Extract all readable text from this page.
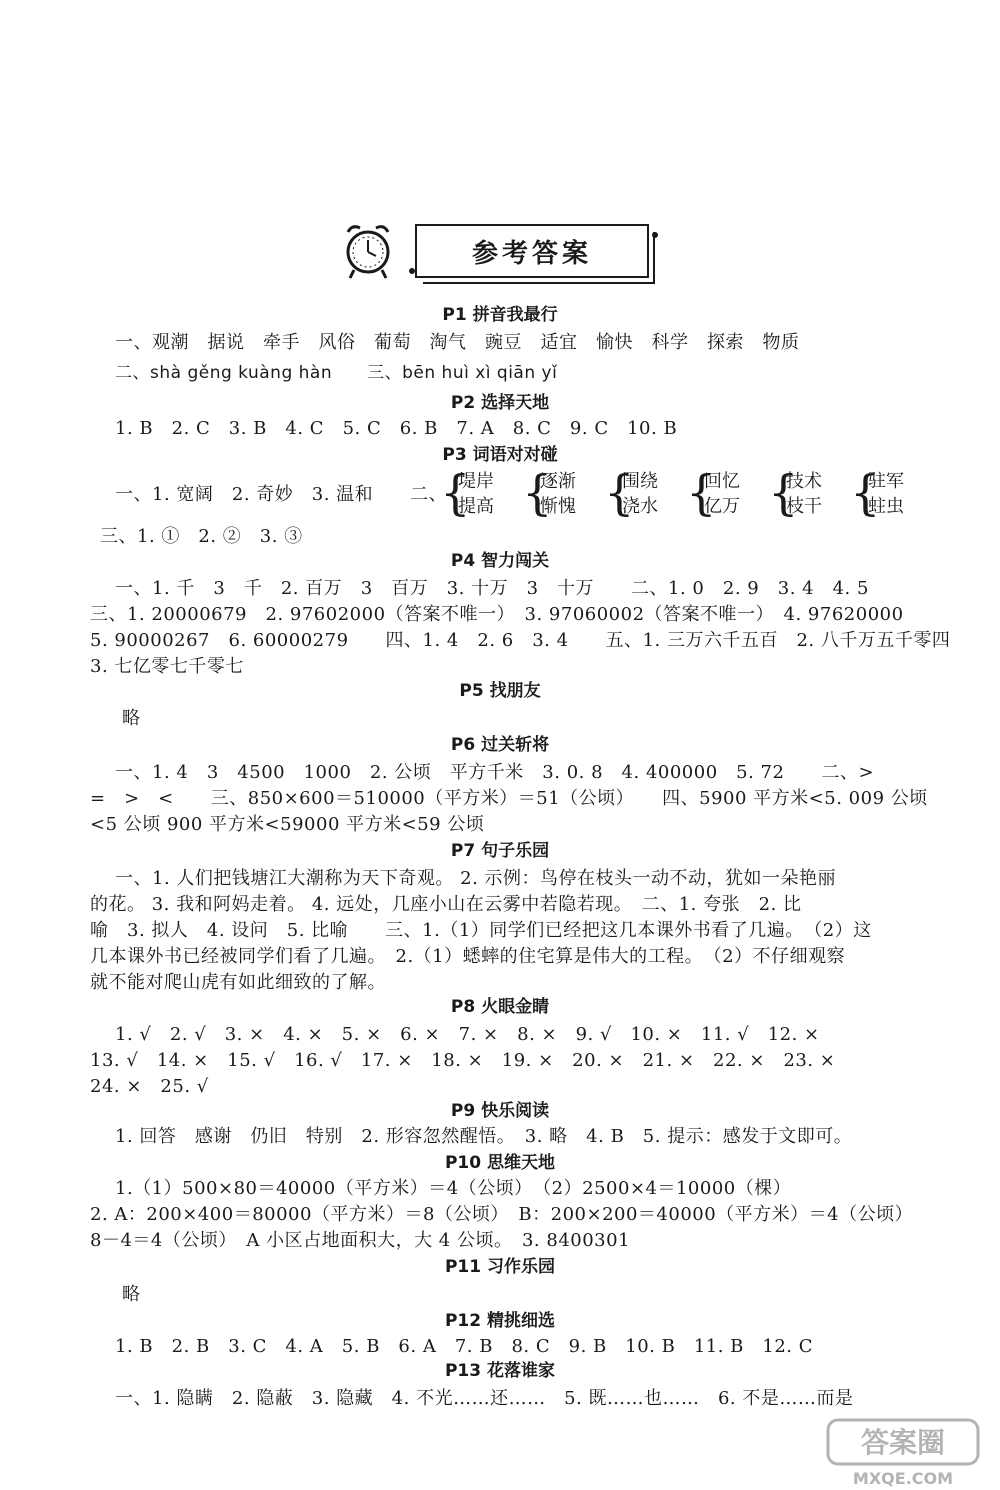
参考答案
P1 拼音我最行
一、观潮　据说　牵手　风俗　葡萄　淘气　豌豆　适宜　愉快　科学　探索　物质
二、shà gěng kuàng hàn　　三、bēn huì xì qiān yǐ
P2 选择天地
1. B　2. C　3. B　4. C　5. C　6. B　7. A　8. C　9. C　10. B
P3 词语对对碰
一、1. 宽阔　2. 奇妙　3. 温和　　二、
{ 堤岸
提高
{ 逐渐
惭愧
{ 围绕
浇水
{ 回忆
亿万
{ 技术
枝干
{ 驻军
蛀虫
三、1. ①　2. ②　3. ③
P4 智力闯关
一、1. 千　3　千　2. 百万　3　百万　3. 十万　3　十万　　二、1. 0　2. 9　3. 4　4. 5
三、1. 20000679　2. 97602000（答案不唯一）　3. 97060002（答案不唯一）　4. 97620000
5. 90000267　6. 60000279　　四、1. 4　2. 6　3. 4　　五、1. 三万六千五百　2. 八千万五千零四
3. 七亿零七千零七
P5 找朋友
略
P6 过关斩将
一、1. 4　3　4500　1000　2. 公顷　平方千米　3. 0. 8　4. 400000　5. 72　　二、>
=　>　<　　三、850×600＝510000（平方米）＝51（公顷）　　四、5900 平方米<5. 009 公顷
<5 公顷 900 平方米<59000 平方米<59 公顷
P7 句子乐园
一、1. 人们把钱塘江大潮称为天下奇观。 2. 示例：鸟停在枝头一动不动，犹如一朵艳丽
的花。 3. 我和阿妈走着。 4. 远处，几座小山在云雾中若隐若现。　二、1. 夸张　2. 比
喻　3. 拟人　4. 设问　5. 比喻　　三、1.（1）同学们已经把这几本课外书看了几遍。　（2）这
几本课外书已经被同学们看了几遍。　2.（1）蟋蟀的住宅算是伟大的工程。　（2）不仔细观察
就不能对爬山虎有如此细致的了解。
P8 火眼金睛
1. √　2. √　3. ×　4. ×　5. ×　6. ×　7. ×　8. ×　9. √　10. ×　11. √　12. ×
13. √　14. ×　15. √　16. √　17. ×　18. ×　19. ×　20. ×　21. ×　22. ×　23. ×
24. ×　25. √
P9 快乐阅读
1. 回答　感谢　仍旧　特别　2. 形容忽然醒悟。　3. 略　4. B　5. 提示：感发于文即可。
P10 思维天地
1.（1）500×80＝40000（平方米）＝4（公顷）　（2）2500×4＝10000（棵）
2. A：200×400＝80000（平方米）＝8（公顷）　B：200×200＝40000（平方米）＝4（公顷）
8－4＝4（公顷）　A 小区占地面积大，大 4 公顷。　3. 8400301
P11 习作乐园
略
P12 精挑细选
1. B　2. B　3. C　4. A　5. B　6. A　7. B　8. C　9. B　10. B　11. B　12. C
P13 花落谁家
一、1. 隐瞒　2. 隐蔽　3. 隐藏　4. 不光……还……　5. 既……也……　6. 不是……而是
答案圈
MXQE.COM
